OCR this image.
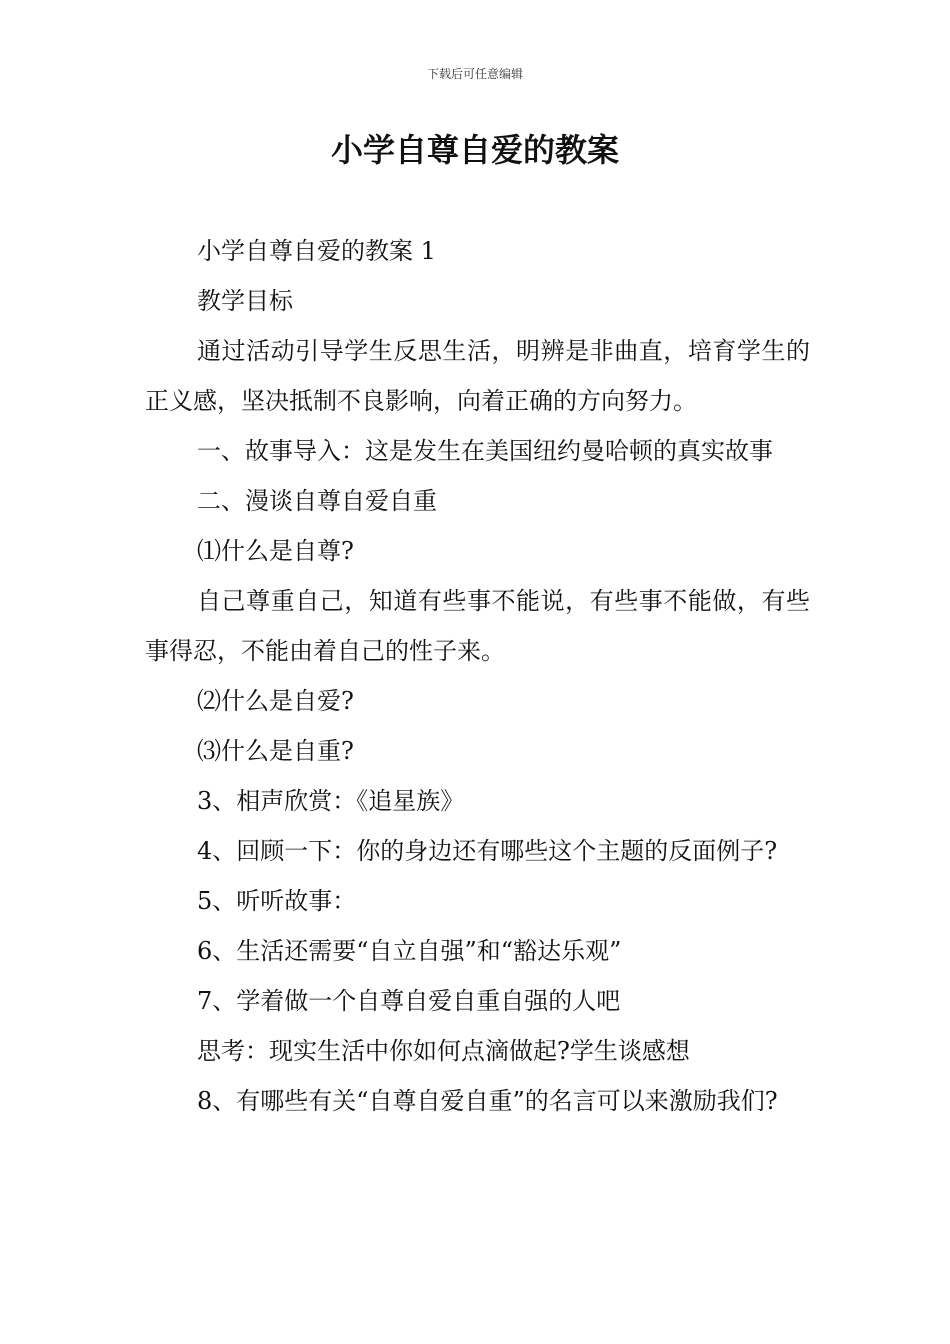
下载后可任意编辑
小学自尊自爱的教案

小学自尊自爱的教案 1

教学目标

通过活动引导学生反思生活，明辨是非曲直，培育学生的正义感，坚决抵制不良影响，向着正确的方向努力。

一、故事导入：这是发生在美国纽约曼哈顿的真实故事

二、漫谈自尊自爱自重

⑴什么是自尊?

自己尊重自己，知道有些事不能说，有些事不能做，有些事得忍，不能由着自己的性子来。

⑵什么是自爱?

⑶什么是自重?

3、相声欣赏：《追星族》

4、回顾一下：你的身边还有哪些这个主题的反面例子?

5、听听故事：

6、生活还需要“自立自强”和“豁达乐观”

7、学着做一个自尊自爱自重自强的人吧

思考：现实生活中你如何点滴做起?学生谈感想

8、有哪些有关“自尊自爱自重”的名言可以来激励我们?
